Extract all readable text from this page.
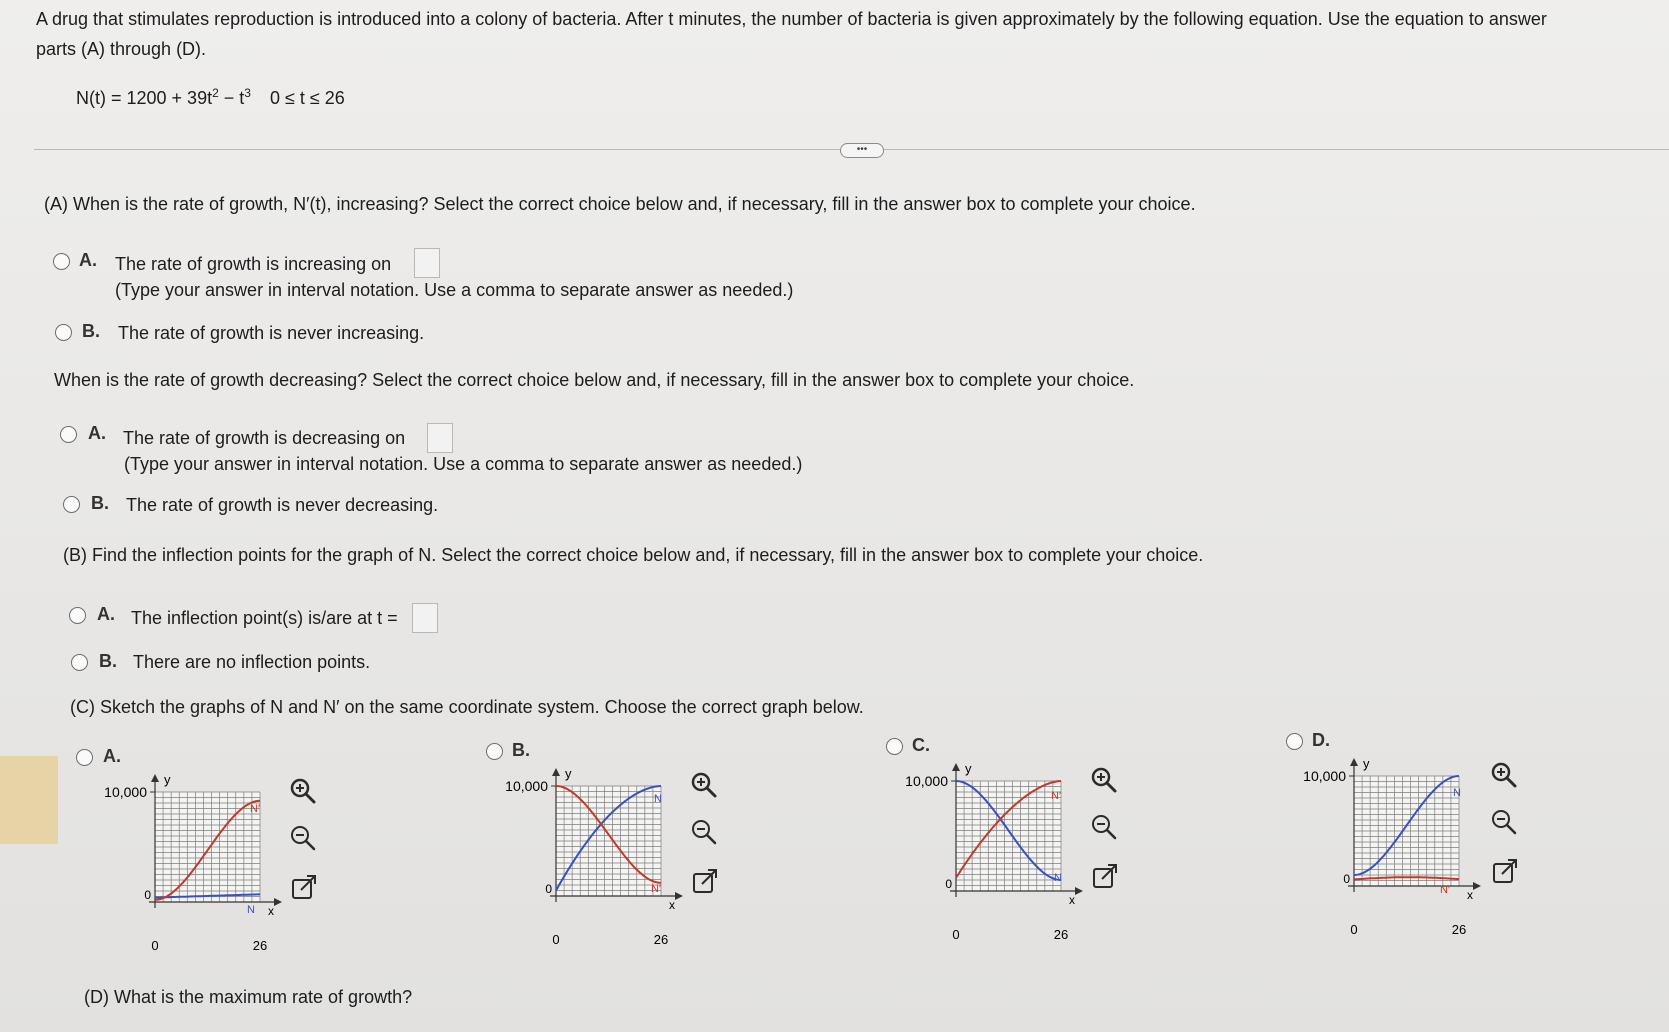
A drug that stimulates reproduction is introduced into a colony of bacteria. After t minutes, the number of bacteria is given approximately by the following equation. Use the equation to answer
parts (A) through (D).
$N(t) = 1200 + 39t^2 - t^3$ 0 ≤ t ≤ 26
•••
(A) When is the rate of growth, N′(t), increasing? Select the correct choice below and, if necessary, fill in the answer box to complete your choice.
A. The rate of growth is increasing on
(Type your answer in interval notation. Use a comma to separate answer as needed.)
B. The rate of growth is never increasing.
When is the rate of growth decreasing? Select the correct choice below and, if necessary, fill in the answer box to complete your choice.
A. The rate of growth is decreasing on
(Type your answer in interval notation. Use a comma to separate answer as needed.)
B. The rate of growth is never decreasing.
(B) Find the inflection points for the graph of N. Select the correct choice below and, if necessary, fill in the answer box to complete your choice.
A. The inflection point(s) is/are at t =
B. There are no inflection points.
(C) Sketch the graphs of N and N′ on the same coordinate system. Choose the correct graph below.
A.
10,000
0
0	26
y
x
N′
N
B.
10,000
0
0	26
y
x
N
N′
C.
10,000
0
0	26
y
x
N′
N
D.
10,000
0
0	26
y
x
N
N′
(D) What is the maximum rate of growth?
